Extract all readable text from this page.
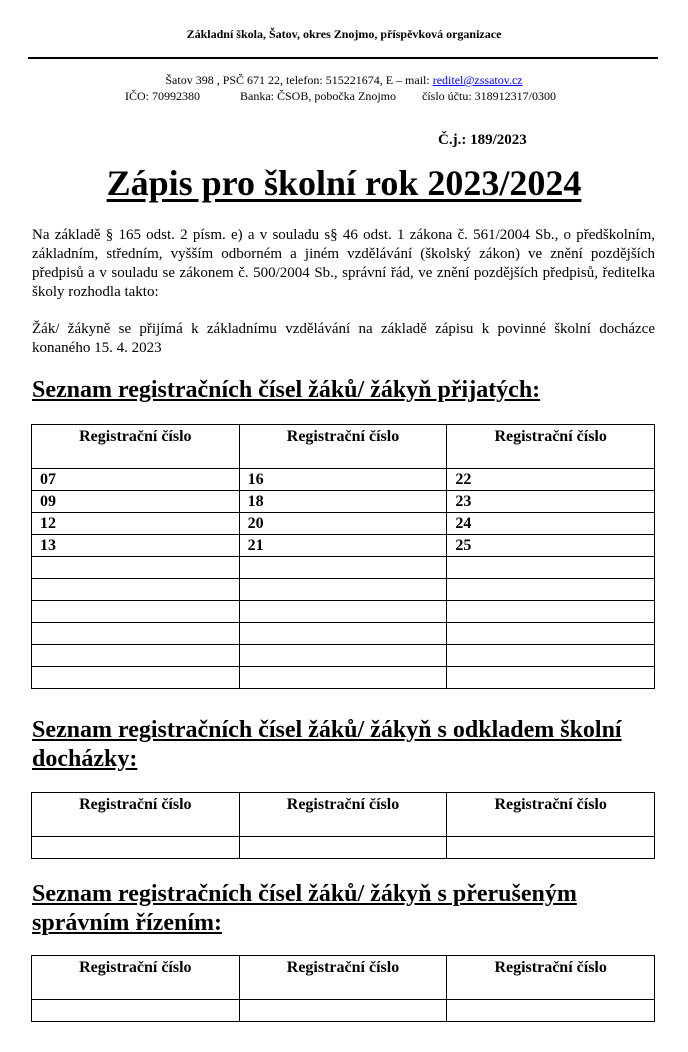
Základní škola, Šatov, okres Znojmo, příspěvková organizace
Šatov 398 , PSČ 671 22, telefon: 515221674, E – mail: reditel@zssatov.cz
IČO: 70992380	Banka: ČSOB, pobočka Znojmo číslo účtu: 318912317/0300
Č.j.: 189/2023
Zápis pro školní rok 2023/2024

Na základě § 165 odst. 2 písm. e) a v souladu s§ 46 odst. 1 zákona č. 561/2004 Sb., o předškolním, základním, středním, vyšším odborném a jiném vzdělávání (školský zákon) ve znění pozdějších předpisů a v souladu se zákonem č. 500/2004 Sb., správní řád, ve znění pozdějších předpisů, ředitelka školy rozhodla takto:

Žák/ žákyně se přijímá k základnímu vzdělávání na základě zápisu k povinné školní docházce konaného 15. 4. 2023

Seznam registračních čísel žáků/ žákyň přijatých:
Registrační číslo	Registrační číslo	Registrační číslo
07	16	22
09	18	23
12	20	24
13	21	25

Seznam registračních čísel žáků/ žákyň s odkladem školní docházky:
Registrační číslo	Registrační číslo	Registrační číslo

Seznam registračních čísel žáků/ žákyň s přerušeným správním řízením:
Registrační číslo	Registrační číslo	Registrační číslo
